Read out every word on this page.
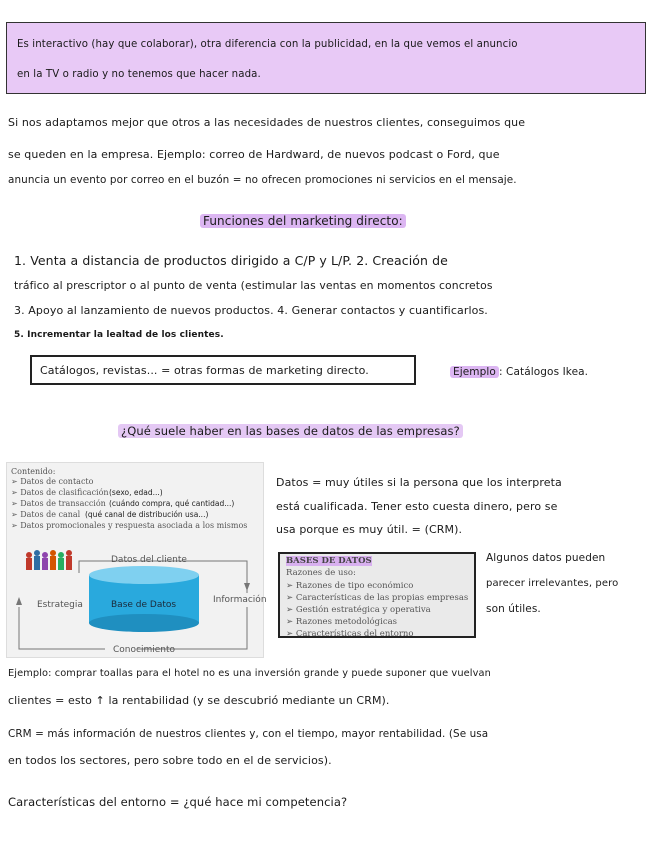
Es interactivo (hay que colaborar), otra diferencia con la publicidad, en la que vemos el anuncio

en la TV o radio y no tenemos que hacer nada.

Si nos adaptamos mejor que otros a las necesidades de nuestros clientes, conseguimos que

se queden en la empresa. Ejemplo: correo de Hardward, de nuevos podcast o Ford, que

anuncia un evento por correo en el buzón = no ofrecen promociones ni servicios en el mensaje.

Funciones del marketing directo:

1. Venta a distancia de productos dirigido a C/P y L/P. 2. Creación de

tráfico al prescriptor o al punto de venta (estimular las ventas en momentos concretos

3. Apoyo al lanzamiento de nuevos productos. 4. Generar contactos y cuantificarlos.

5. Incrementar la lealtad de los clientes.

Catálogos, revistas... = otras formas de marketing directo.	Ejemplo : Catálogos Ikea.

¿Qué suele haber en las bases de datos de las empresas?

Contenido:
➢ Datos de contacto
➢ Datos de clasificación (sexo, edad...)
➢ Datos de transacción (cuándo compra, qué cantidad...)
➢ Datos de canal (qué canal de distribución usa...)
➢ Datos promocionales y respuesta asociada a los mismos
Datos del cliente
Base de Datos
Estrategia	Información
Conocimiento

Datos = muy útiles si la persona que los interpreta

está cualificada. Tener esto cuesta dinero, pero se

usa porque es muy útil. = (CRM).

BASES DE DATOS
Razones de uso:
➢ Razones de tipo económico
➢ Características de las propias empresas
➢ Gestión estratégica y operativa
➢ Razones metodológicas
➢ Características del entorno

Algunos datos pueden

parecer irrelevantes, pero

son útiles.

Ejemplo: comprar toallas para el hotel no es una inversión grande y puede suponer que vuelvan

clientes = esto ↑ la rentabilidad (y se descubrió mediante un CRM).

CRM = más información de nuestros clientes y, con el tiempo, mayor rentabilidad. (Se usa

en todos los sectores, pero sobre todo en el de servicios).

Características del entorno = ¿qué hace mi competencia?
